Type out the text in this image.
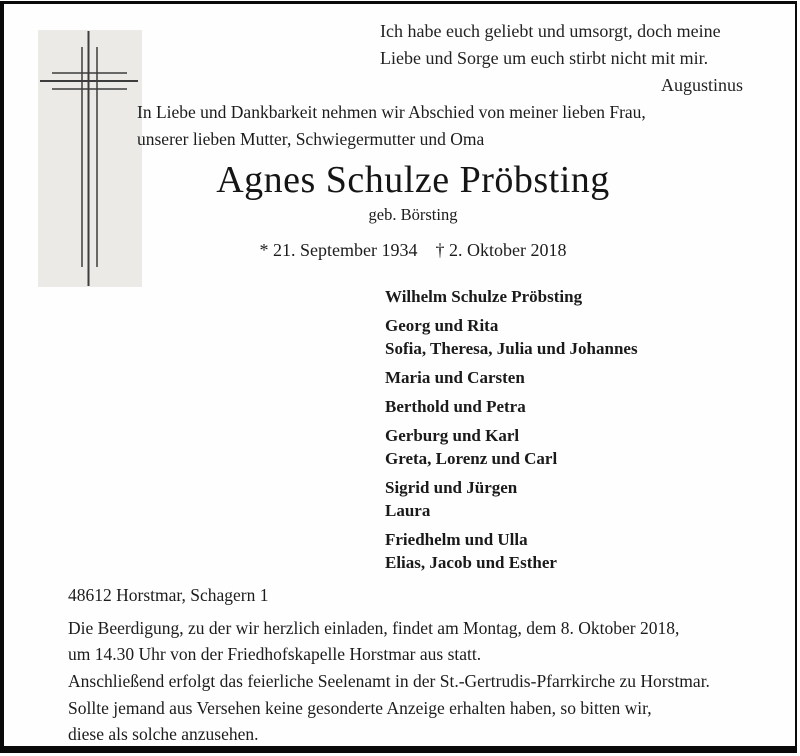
Ich habe euch geliebt und umsorgt, doch meine
Liebe und Sorge um euch stirbt nicht mit mir.
Augustinus
In Liebe und Dankbarkeit nehmen wir Abschied von meiner lieben Frau,
unserer lieben Mutter, Schwiegermutter und Oma
Agnes Schulze Pröbsting
geb. Börsting
* 21. September 1934 † 2. Oktober 2018
Wilhelm Schulze Pröbsting
Georg und Rita
Sofia, Theresa, Julia und Johannes
Maria und Carsten
Berthold und Petra
Gerburg und Karl
Greta, Lorenz und Carl
Sigrid und Jürgen
Laura
Friedhelm und Ulla
Elias, Jacob und Esther
48612 Horstmar, Schagern 1

Die Beerdigung, zu der wir herzlich einladen, findet am Montag, dem 8. Oktober 2018,
um 14.30 Uhr von der Friedhofskapelle Horstmar aus statt.

Anschließend erfolgt das feierliche Seelenamt in der St.-Gertrudis-Pfarrkirche zu Horstmar.

Sollte jemand aus Versehen keine gesonderte Anzeige erhalten haben, so bitten wir,
diese als solche anzusehen.
